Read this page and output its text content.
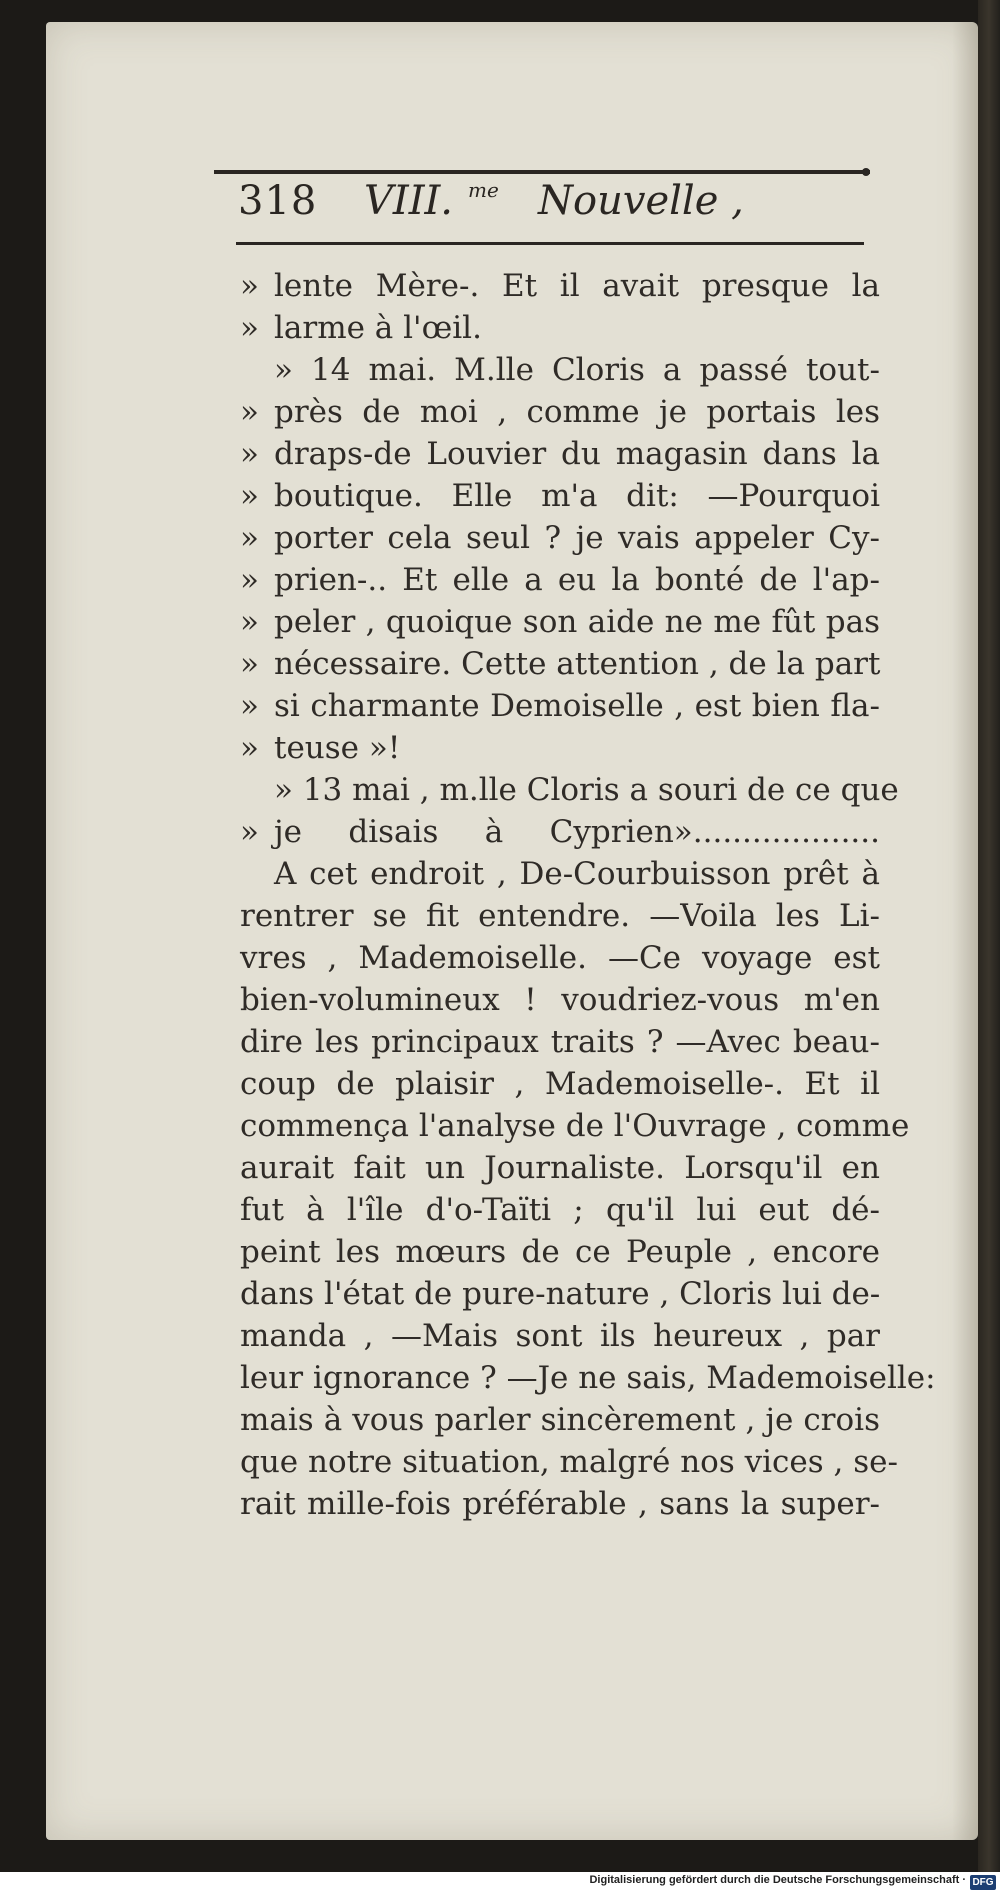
318 VIII. me Nouvelle ,
» lente Mère-. Et il avait presque la
» larme à l'œil.
» 14 mai. M.lle Cloris a passé tout-
» près de moi , comme je portais les
» draps-de Louvier du magasin dans la
» boutique. Elle m'a dit: —Pourquoi
» porter cela seul ? je vais appeler Cy-
» prien-.. Et elle a eu la bonté de l'ap-
» peler , quoique son aide ne me fût pas
» nécessaire. Cette attention , de la part
» si charmante Demoiselle , est bien fla-
» teuse »!
» 13 mai , m.lle Cloris a souri de ce que
» je disais à Cyprien»...................
A cet endroit , De-Courbuisson prêt à
rentrer se fit entendre. —Voila les Li-
vres , Mademoiselle. —Ce voyage est
bien-volumineux ! voudriez-vous m'en
dire les principaux traits ? —Avec beau-
coup de plaisir , Mademoiselle-. Et il
commença l'analyse de l'Ouvrage , comme
aurait fait un Journaliste. Lorsqu'il en
fut à l'île d'o-Taïti ; qu'il lui eut dé-
peint les mœurs de ce Peuple , encore
dans l'état de pure-nature , Cloris lui de-
manda , —Mais sont ils heureux , par
leur ignorance ? —Je ne sais, Mademoiselle:
mais à vous parler sincèrement , je crois
que notre situation, malgré nos vices , se-
rait mille-fois préférable , sans la super-
Digitalisierung gefördert durch die Deutsche Forschungsgemeinschaft · DFG
